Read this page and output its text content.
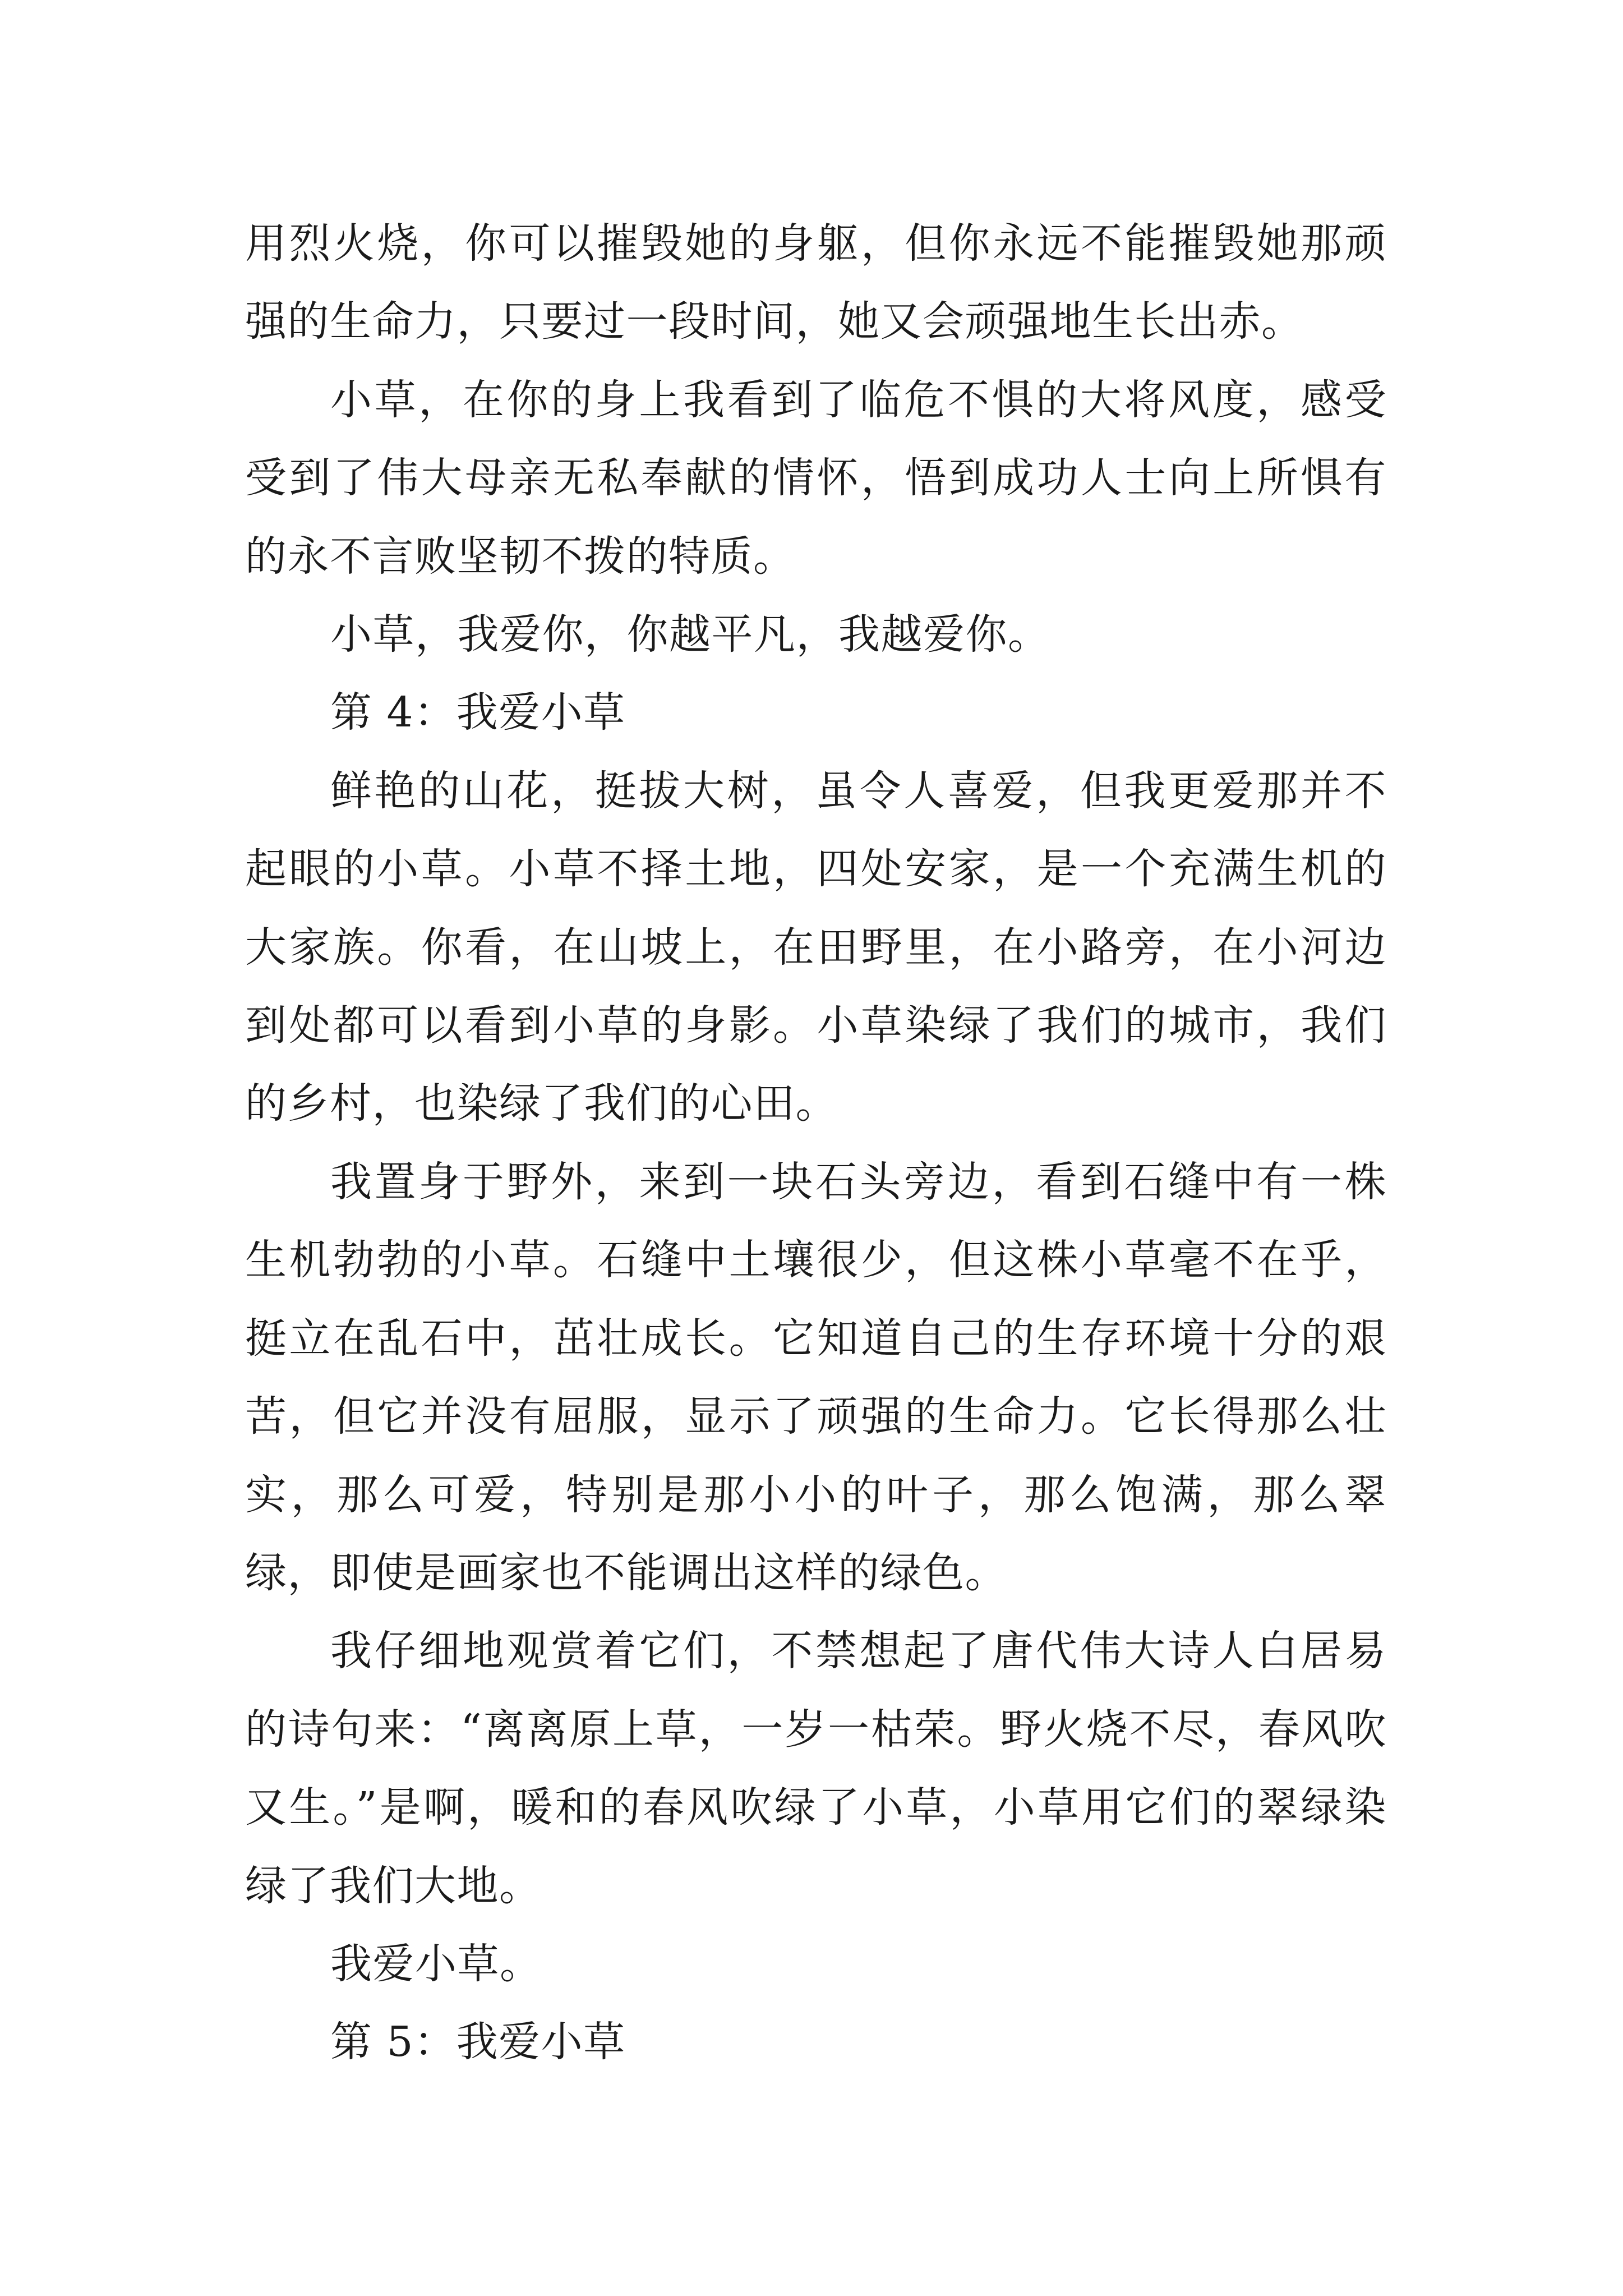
用烈火烧，你可以摧毁她的身躯，但你永远不能摧毁她那顽强的生命力，只要过一段时间，她又会顽强地生长出赤。

小草，在你的身上我看到了临危不惧的大将风度，感受受到了伟大母亲无私奉献的情怀，悟到成功人士向上所惧有的永不言败坚韧不拨的特质。

小草，我爱你，你越平凡，我越爱你。

第 4：我爱小草

鲜艳的山花，挺拔大树，虽令人喜爱，但我更爱那并不起眼的小草。小草不择土地，四处安家，是一个充满生机的大家族。你看，在山坡上，在田野里，在小路旁，在小河边到处都可以看到小草的身影。小草染绿了我们的城市，我们的乡村，也染绿了我们的心田。

我置身于野外，来到一块石头旁边，看到石缝中有一株生机勃勃的小草。石缝中土壤很少，但这株小草毫不在乎，挺立在乱石中，茁壮成长。它知道自己的生存环境十分的艰苦，但它并没有屈服，显示了顽强的生命力。它长得那么壮实，那么可爱，特别是那小小的叶子，那么饱满，那么翠绿，即使是画家也不能调出这样的绿色。

我仔细地观赏着它们，不禁想起了唐代伟大诗人白居易的诗句来：“离离原上草，一岁一枯荣。野火烧不尽，春风吹又生。”是啊，暖和的春风吹绿了小草，小草用它们的翠绿染绿了我们大地。

我爱小草。

第 5：我爱小草
